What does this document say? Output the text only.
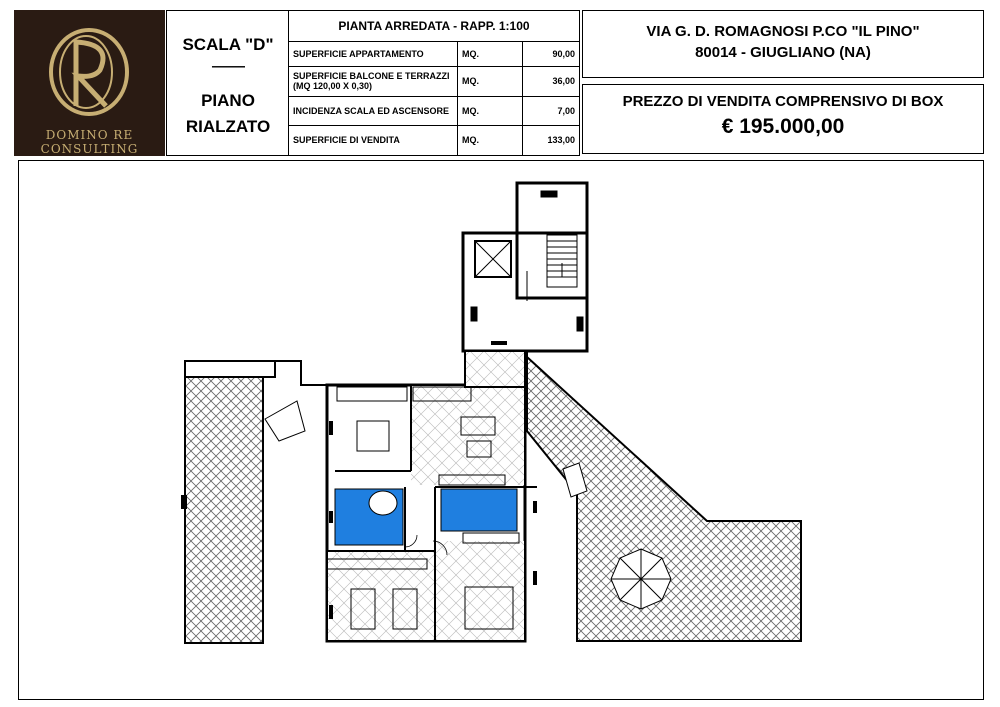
DOMINO RE
CONSULTING
SCALA "D"
-----------
PIANO
RIALZATO
PIANTA ARREDATA - RAPP. 1:100		
SUPERFICIE APPARTAMENTO	MQ.	90,00

SUPERFICIE BALCONE E TERRAZZI
(MQ 120,00 X 0,30)	MQ.	36,00
INCIDENZA SCALA ED ASCENSORE	MQ.	7,00
SUPERFICIE DI VENDITA	MQ.	133,00
VIA G. D. ROMAGNOSI P.CO "IL PINO"
80014 - GIUGLIANO (NA)
PREZZO DI VENDITA COMPRENSIVO DI BOX
€ 195.000,00
